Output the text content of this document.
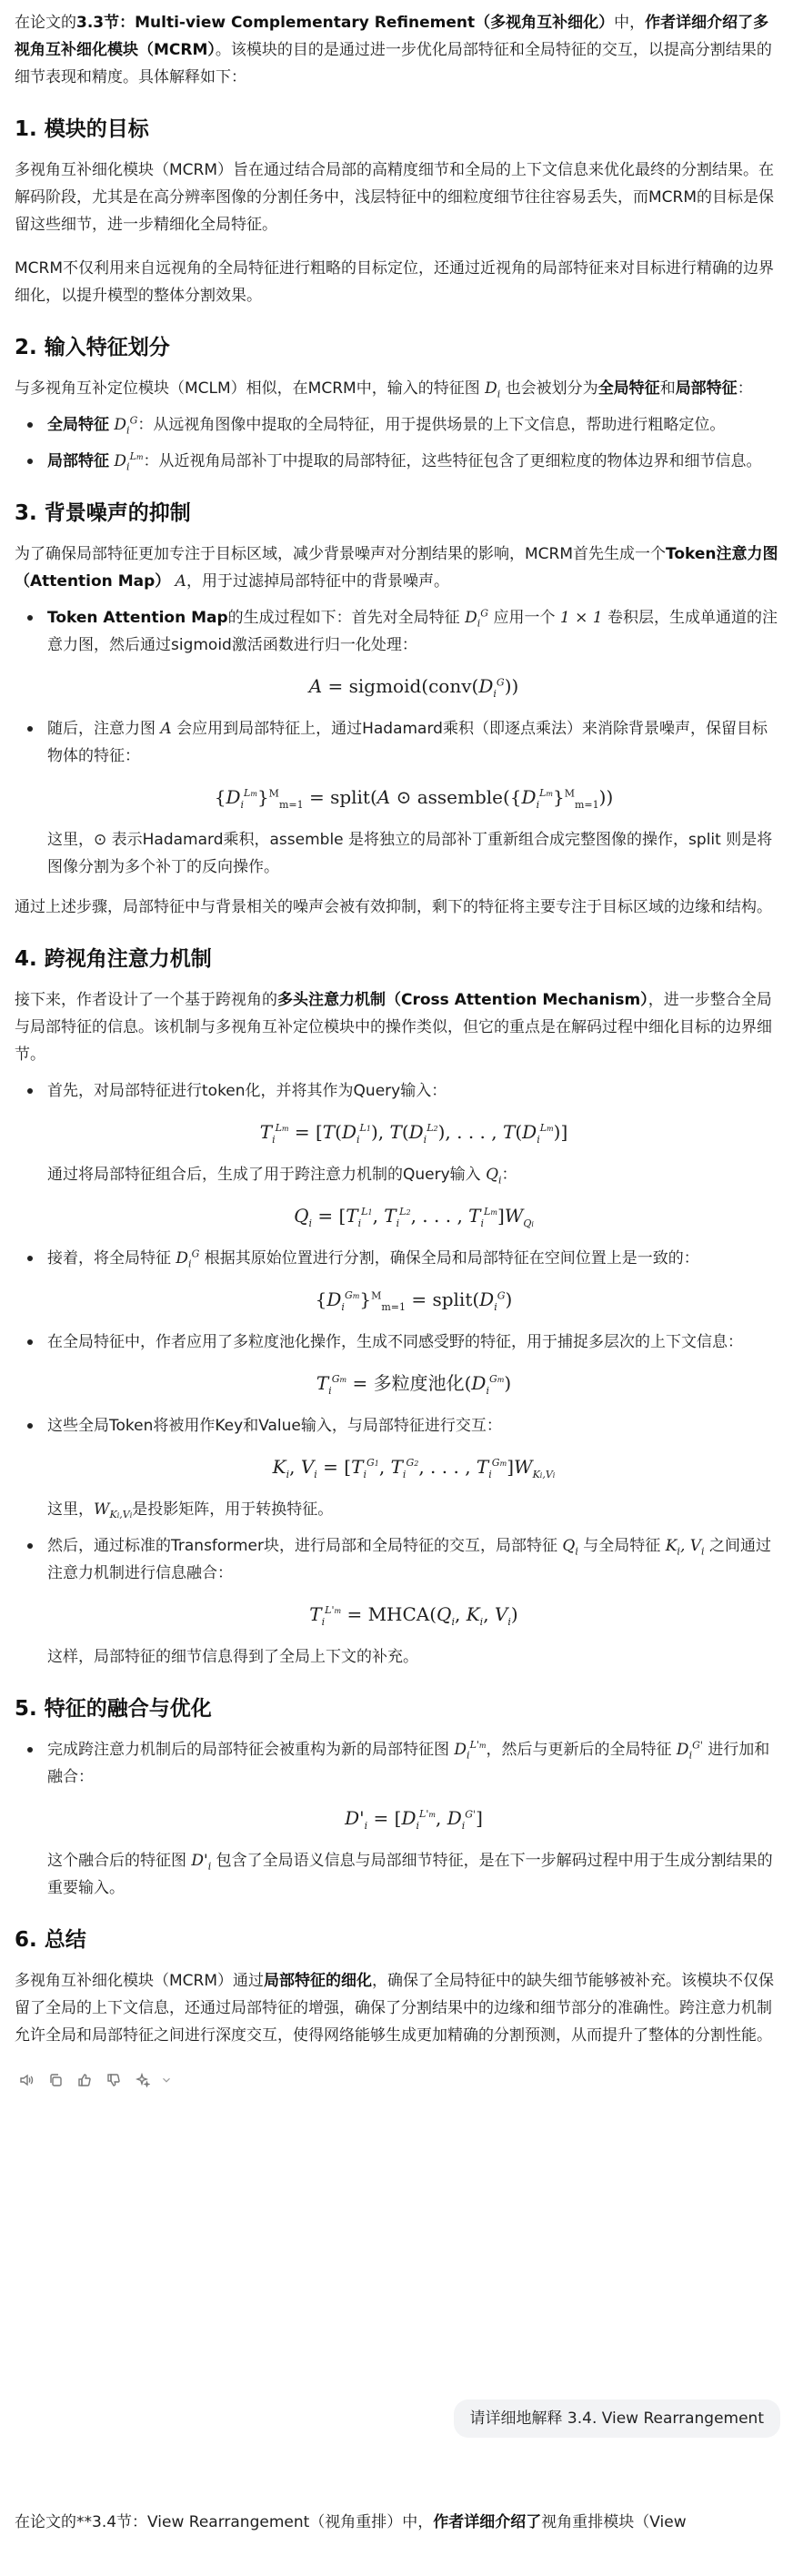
在论文的3.3节：Multi-view Complementary Refinement（多视角互补细化）中，作者详细介绍了多视角互补细化模块（MCRM）。该模块的目的是通过进一步优化局部特征和全局特征的交互，以提高分割结果的细节表现和精度。具体解释如下：

1. 模块的目标

多视角互补细化模块（MCRM）旨在通过结合局部的高精度细节和全局的上下文信息来优化最终的分割结果。在解码阶段，尤其是在高分辨率图像的分割任务中，浅层特征中的细粒度细节往往容易丢失，而MCRM的目标是保留这些细节，进一步精细化全局特征。

MCRM不仅利用来自远视角的全局特征进行粗略的目标定位，还通过近视角的局部特征来对目标进行精确的边界细化，以提升模型的整体分割效果。

2. 输入特征划分

与多视角互补定位模块（MCLM）相似，在MCRM中，输入的特征图 $D_i$ 也会被划分为全局特征和局部特征：

全局特征 $D_i^G$：从远视角图像中提取的全局特征，用于提供场景的上下文信息，帮助进行粗略定位。
局部特征 $D_i^{Lm}$：从近视角局部补丁中提取的局部特征，这些特征包含了更细粒度的物体边界和细节信息。
3. 背景噪声的抑制

为了确保局部特征更加专注于目标区域，减少背景噪声对分割结果的影响，MCRM首先生成一个Token注意力图（Attention Map） A，用于过滤掉局部特征中的背景噪声。

Token Attention Map的生成过程如下：首先对全局特征 $D_i^G$ 应用一个 1 × 1 卷积层，生成单通道的注意力图，然后通过sigmoid激活函数进行归一化处理：
$A = sigmoid(conv(D_i^G))$
随后，注意力图 A 会应用到局部特征上，通过Hadamard乘积（即逐点乘法）来消除背景噪声，保留目标物体的特征：
$\{D_i^{Lm}\}^M_{m=1}$ = split(A ⊙ $assemble(\{D_i^{Lm}\}^M_{m=1})$)

这里，⊙ 表示Hadamard乘积，assemble 是将独立的局部补丁重新组合成完整图像的操作，split 则是将图像分割为多个补丁的反向操作。

通过上述步骤，局部特征中与背景相关的噪声会被有效抑制，剩下的特征将主要专注于目标区域的边缘和结构。

4. 跨视角注意力机制

接下来，作者设计了一个基于跨视角的多头注意力机制（Cross Attention Mechanism），进一步整合全局与局部特征的信息。该机制与多视角互补定位模块中的操作类似，但它的重点是在解码过程中细化目标的边界细节。

首先，对局部特征进行token化，并将其作为Query输入：
$T_i^{Lm} = [T(D_i^{L1})$, $T(D_i^{L2})$, . . . , $T(D_i^{Lm})$]

通过将局部特征组合后，生成了用于跨注意力机制的Query输入 $Q_i$：

$Q_i = [T_i^{L1}$, $T_i^{L2}$, . . . , $T_i^{Lm}]W_{Qi}$
接着，将全局特征 $D_i^G$ 根据其原始位置进行分割，确保全局和局部特征在空间位置上是一致的：
$\{D_i^{Gm}\}^M_{m=1}$ = $split(D_i^G)$
在全局特征中，作者应用了多粒度池化操作，生成不同感受野的特征，用于捕捉多层次的上下文信息：
$T_i^{Gm}$ = 多粒度池化$(D_i^{Gm})$
这些全局Token将被用作Key和Value输入，与局部特征进行交互：
$K_i$, $V_i = [T_i^{G1}$, $T_i^{G2}$, . . . , $T_i^{Gm}]W_{Ki,Vi}$

这里，$W_{Ki,Vi}$是投影矩阵，用于转换特征。

然后，通过标准的Transformer块，进行局部和全局特征的交互，局部特征 $Q_i$ 与全局特征 $K_i$, $V_i$ 之间通过注意力机制进行信息融合：
$T_i^{L'm}$ = $MHCA(Q_i$, $K_i$, $V_i$)

这样，局部特征的细节信息得到了全局上下文的补充。

5. 特征的融合与优化
完成跨注意力机制后的局部特征会被重构为新的局部特征图 $D_i^{L'm}$，然后与更新后的全局特征 $D_i^{G'}$ 进行加和融合：
$D'_i = [D_i^{L'm}$, $D_i^{G'}$]

这个融合后的特征图 $D'_i$ 包含了全局语义信息与局部细节特征，是在下一步解码过程中用于生成分割结果的重要输入。

6. 总结

多视角互补细化模块（MCRM）通过局部特征的细化，确保了全局特征中的缺失细节能够被补充。该模块不仅保留了全局的上下文信息，还通过局部特征的增强，确保了分割结果中的边缘和细节部分的准确性。跨注意力机制允许全局和局部特征之间进行深度交互，使得网络能够生成更加精确的分割预测，从而提升了整体的分割性能。

请详细地解释 3.4. View Rearrangement

在论文的**3.4节：View Rearrangement（视角重排）中，作者详细介绍了视角重排模块（View
